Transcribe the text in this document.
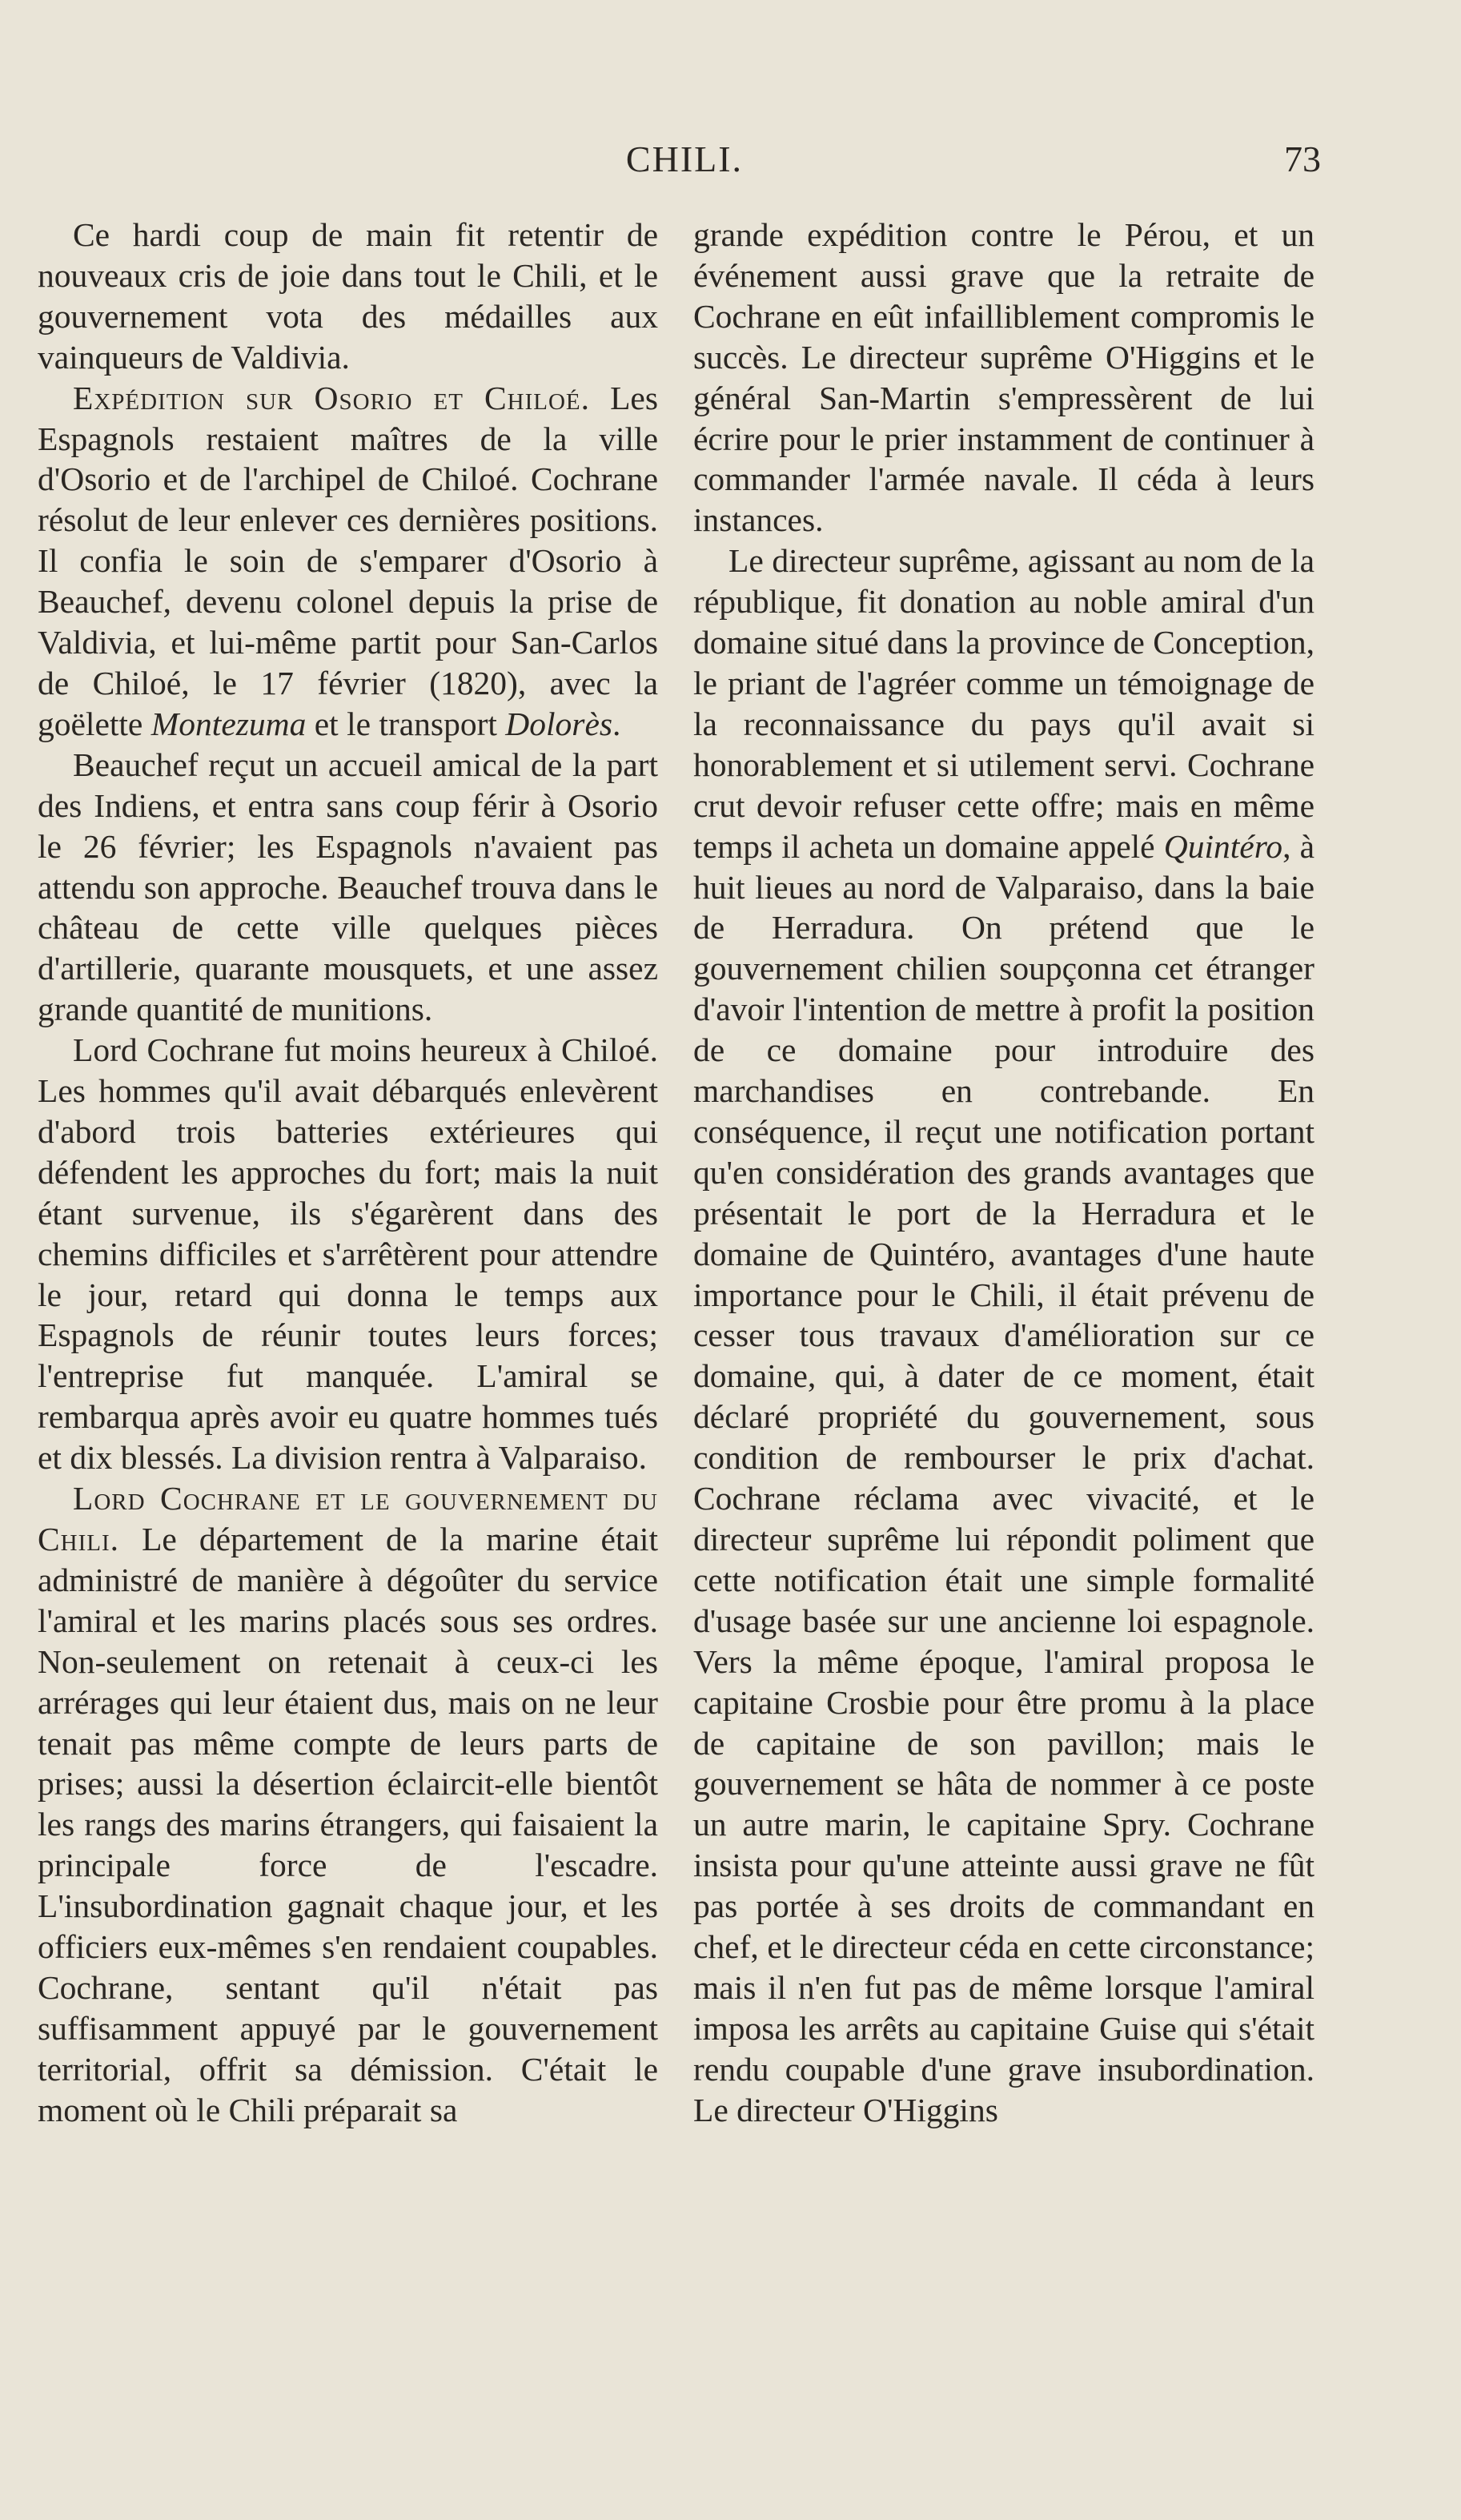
CHILI.	73

Ce hardi coup de main fit retentir de nouveaux cris de joie dans tout le Chili, et le gouvernement vota des médailles aux vainqueurs de Valdivia.

Expédition sur Osorio et Chiloé. Les Espagnols restaient maîtres de la ville d'Osorio et de l'archipel de Chiloé. Cochrane résolut de leur enlever ces dernières positions. Il confia le soin de s'emparer d'Osorio à Beauchef, devenu colonel depuis la prise de Valdivia, et lui-même partit pour San-Carlos de Chiloé, le 17 février (1820), avec la goëlette Montezuma et le transport Dolorès.

Beauchef reçut un accueil amical de la part des Indiens, et entra sans coup férir à Osorio le 26 février; les Espagnols n'avaient pas attendu son approche. Beauchef trouva dans le château de cette ville quelques pièces d'artillerie, quarante mousquets, et une assez grande quantité de munitions.

Lord Cochrane fut moins heureux à Chiloé. Les hommes qu'il avait débarqués enlevèrent d'abord trois batteries extérieures qui défendent les approches du fort; mais la nuit étant survenue, ils s'égarèrent dans des chemins difficiles et s'arrêtèrent pour attendre le jour, retard qui donna le temps aux Espagnols de réunir toutes leurs forces; l'entreprise fut manquée. L'amiral se rembarqua après avoir eu quatre hommes tués et dix blessés. La division rentra à Valparaiso.

Lord Cochrane et le gouvernement du Chili. Le département de la marine était administré de manière à dégoûter du service l'amiral et les marins placés sous ses ordres. Non-seulement on retenait à ceux-ci les arrérages qui leur étaient dus, mais on ne leur tenait pas même compte de leurs parts de prises; aussi la désertion éclaircit-elle bientôt les rangs des marins étrangers, qui faisaient la principale force de l'escadre. L'insubordination gagnait chaque jour, et les officiers eux-mêmes s'en rendaient coupables. Cochrane, sentant qu'il n'était pas suffisamment appuyé par le gouvernement territorial, offrit sa démission. C'était le moment où le Chili préparait sa

grande expédition contre le Pérou, et un événement aussi grave que la retraite de Cochrane en eût infailliblement compromis le succès. Le directeur suprême O'Higgins et le général San-Martin s'empressèrent de lui écrire pour le prier instamment de continuer à commander l'armée navale. Il céda à leurs instances.

Le directeur suprême, agissant au nom de la république, fit donation au noble amiral d'un domaine situé dans la province de Conception, le priant de l'agréer comme un témoignage de la reconnaissance du pays qu'il avait si honorablement et si utilement servi. Cochrane crut devoir refuser cette offre; mais en même temps il acheta un domaine appelé Quintéro, à huit lieues au nord de Valparaiso, dans la baie de Herradura. On prétend que le gouvernement chilien soupçonna cet étranger d'avoir l'intention de mettre à profit la position de ce domaine pour introduire des marchandises en contrebande. En conséquence, il reçut une notification portant qu'en considération des grands avantages que présentait le port de la Herradura et le domaine de Quintéro, avantages d'une haute importance pour le Chili, il était prévenu de cesser tous travaux d'amélioration sur ce domaine, qui, à dater de ce moment, était déclaré propriété du gouvernement, sous condition de rembourser le prix d'achat. Cochrane réclama avec vivacité, et le directeur suprême lui répondit poliment que cette notification était une simple formalité d'usage basée sur une ancienne loi espagnole. Vers la même époque, l'amiral proposa le capitaine Crosbie pour être promu à la place de capitaine de son pavillon; mais le gouvernement se hâta de nommer à ce poste un autre marin, le capitaine Spry. Cochrane insista pour qu'une atteinte aussi grave ne fût pas portée à ses droits de commandant en chef, et le directeur céda en cette circonstance; mais il n'en fut pas de même lorsque l'amiral imposa les arrêts au capitaine Guise qui s'était rendu coupable d'une grave insubordination. Le directeur O'Higgins
